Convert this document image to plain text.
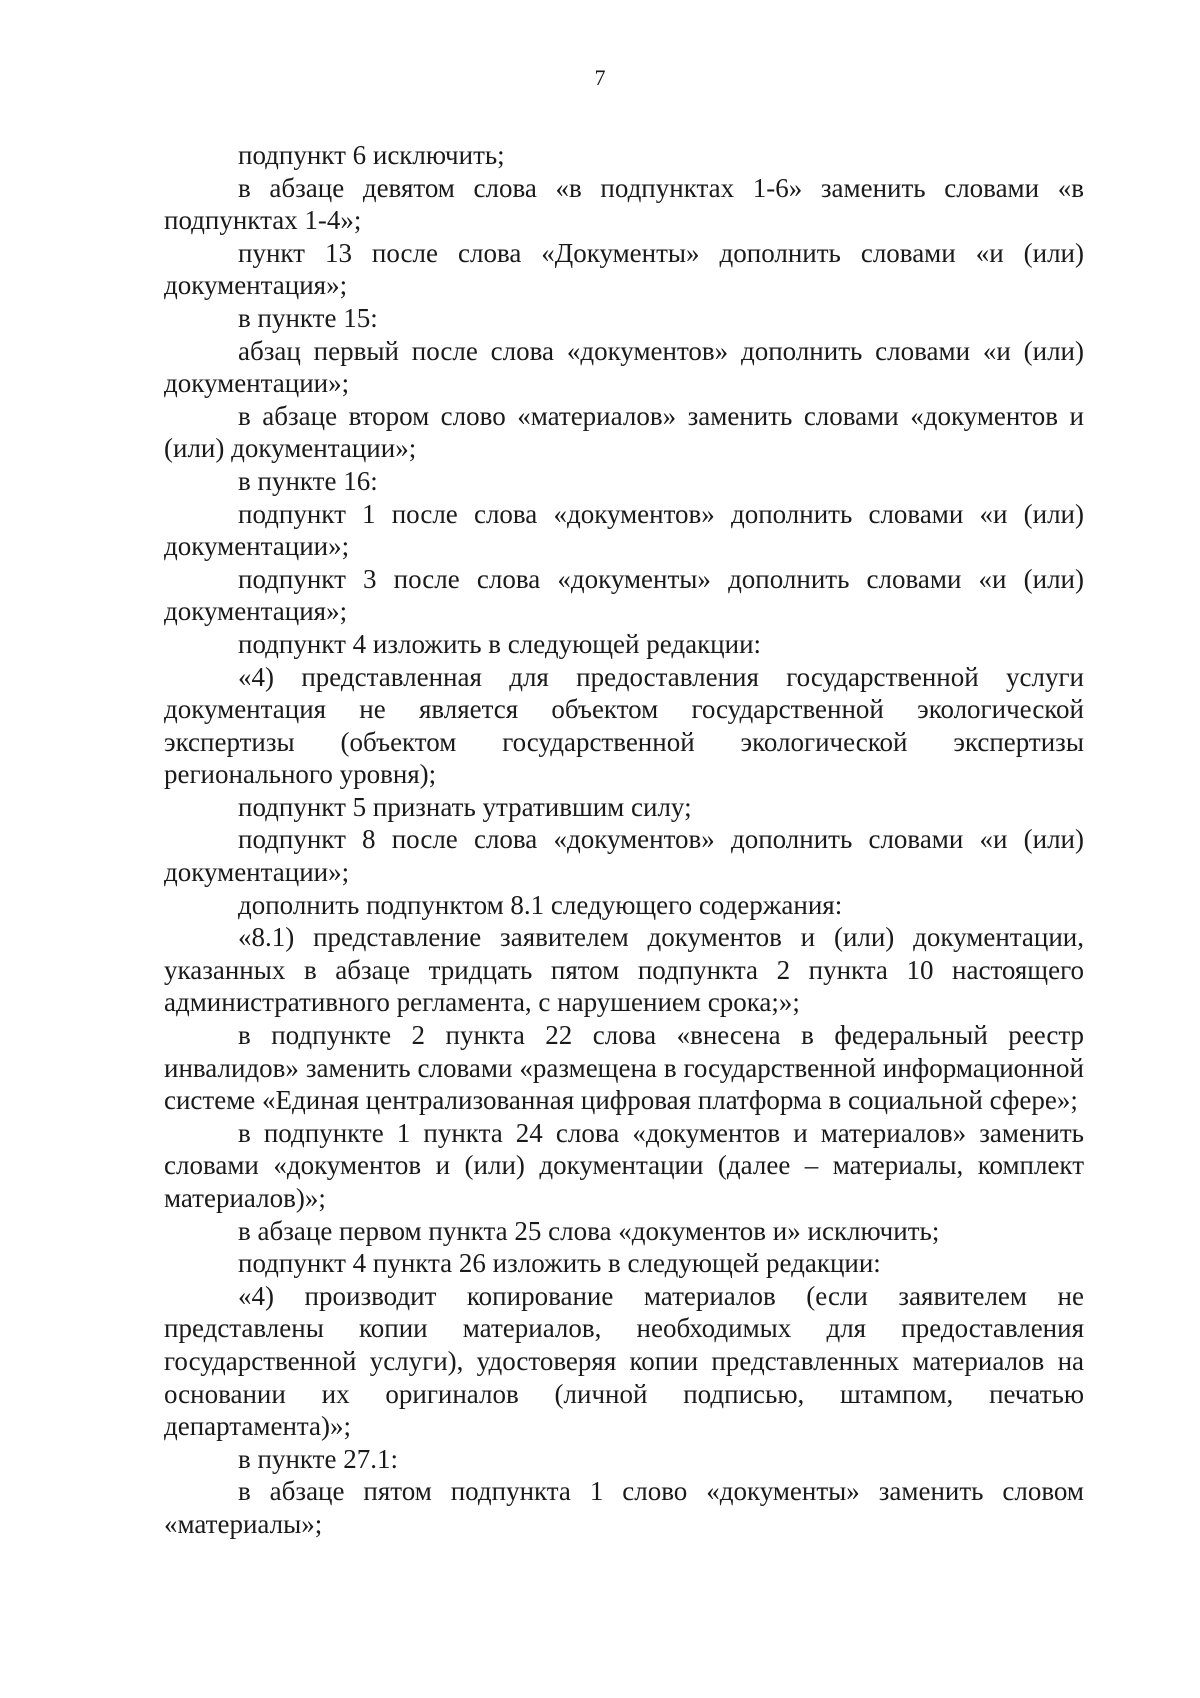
7

подпункт 6 исключить;

в абзаце девятом слова «в подпунктах 1-6» заменить словами «в подпунктах 1-4»;

пункт 13 после слова «Документы» дополнить словами «и (или) документация»;

в пункте 15:

абзац первый после слова «документов» дополнить словами «и (или) документации»;

в абзаце втором слово «материалов» заменить словами «документов и (или) документации»;

в пункте 16:

подпункт 1 после слова «документов» дополнить словами «и (или) документации»;

подпункт 3 после слова «документы» дополнить словами «и (или) документация»;

подпункт 4 изложить в следующей редакции:

«4) представленная для предоставления государственной услуги документация не является объектом государственной экологической экспертизы (объектом государственной экологической экспертизы регионального уровня);

подпункт 5 признать утратившим силу;

подпункт 8 после слова «документов» дополнить словами «и (или) документации»;

дополнить подпунктом 8.1 следующего содержания:

«8.1) представление заявителем документов и (или) документации, указанных в абзаце тридцать пятом подпункта 2 пункта 10 настоящего административного регламента, с нарушением срока;»;

в подпункте 2 пункта 22 слова «внесена в федеральный реестр инвалидов» заменить словами «размещена в государственной информационной системе «Единая централизованная цифровая платформа в социальной сфере»;

в подпункте 1 пункта 24 слова «документов и материалов» заменить словами «документов и (или) документации (далее – материалы, комплект материалов)»;

в абзаце первом пункта 25 слова «документов и» исключить;

подпункт 4 пункта 26 изложить в следующей редакции:

«4) производит копирование материалов (если заявителем не представлены копии материалов, необходимых для предоставления государственной услуги), удостоверяя копии представленных материалов на основании их оригиналов (личной подписью, штампом, печатью департамента)»;

в пункте 27.1:

в абзаце пятом подпункта 1 слово «документы» заменить словом «материалы»;
